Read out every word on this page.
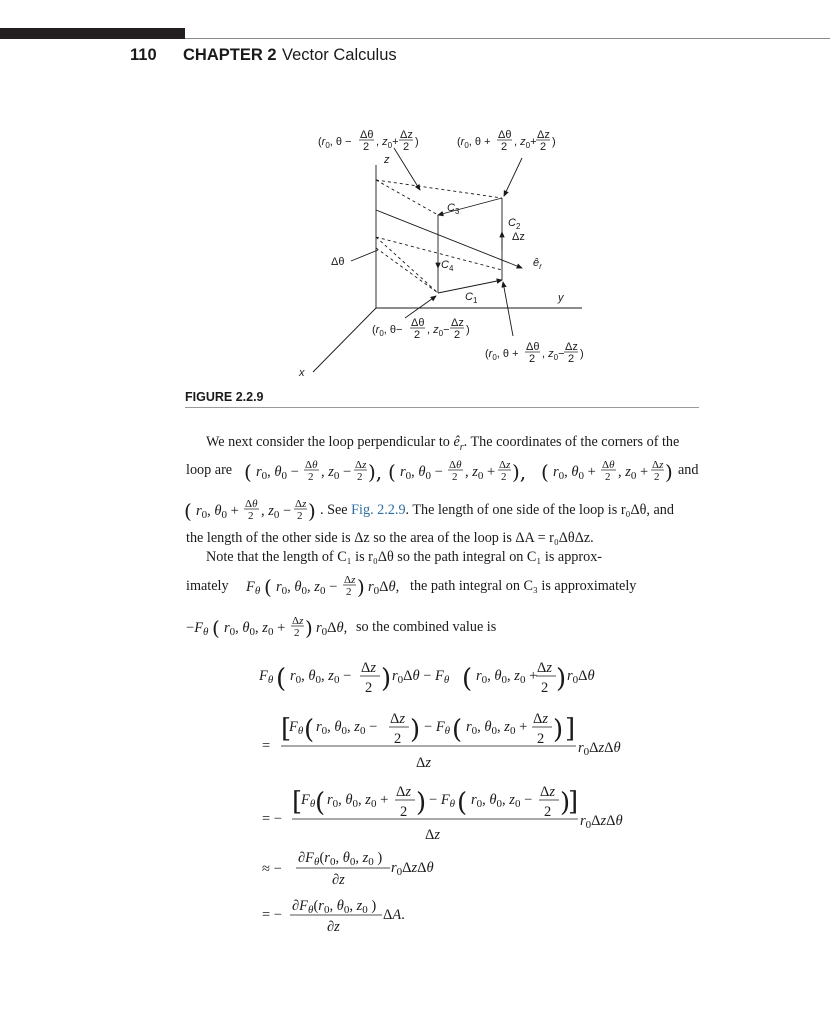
110 CHAPTER 2 Vector Calculus
($r_0$, θ −
Δθ
2 , $z_0+$
Δz
2 )	($r_0$, θ +
Δθ
2 , $z_0+$
Δz
2 )
z
y
x
Δθ
Δz
$C_3$
$C_2$
$C_4$
$C_1$
$ê_r$
($r_0$, θ−
Δθ
2 , $z_0-$
Δz
2 )
($r_0$, θ +
Δθ
2 , $z_0-$
Δz
2 )
FIGURE 2.2.9
We next consider the loop perpendicular to $ê_r$. The coordinates of the corners of the
loop are	and
( $r_0$, $\theta_0 - \Delta\theta$
2 , $z_0 - \Delta z$
2 ), ( $r_0$, $\theta_0 - \Delta\theta$
2 , $z_0 + \Delta z$
2 ), ( $r_0$, $\theta_0 + \Delta\theta$
2 , $z_0 + \Delta z$
2 )
( $r_0$, $\theta_0 + \Delta\theta$
2 , $z_0 - \Delta z$
2 )
$F_\theta$ ( $r_0$, $\theta_0$, $z_0 - \Delta z$
2 ) $r_0\Delta\theta$,
$-F_\theta$ ( $r_0$, $\theta_0$, $z_0 + \Delta z$
2 ) $r_0\Delta\theta$,
$F_\theta$ ( $r_0$, $\theta_0$, $z_0 - \Delta z$
2 ) $r_0\Delta\theta - F_\theta$ ( $r_0$, $\theta_0$, $z_0 + \Delta z$
2 ) $r_0\Delta\theta$
=
[
$F_\theta$ ( $r_0$, $\theta_0$, $z_0 - \Delta z$
2 ) − $F_\theta$ ( $r_0$, $\theta_0$, $z_0 + \Delta z$
2 ) ]
Δz
$r_0\Delta z\Delta\theta$
= −
[
$F_\theta$ ( $r_0$, $\theta_0$, $z_0 + \Delta z$
2 ) − $F_\theta$ ( $r_0$, $\theta_0$, $z_0 - \Delta z$
2 )
]
Δz
$r_0\Delta z\Delta\theta$
≈ −
$\partial F_\theta(r_0$, $\theta_0$, $z_0$ )
∂z
$r_0\Delta z\Delta\theta$
= −
$\partial F_\theta(r_0$, $\theta_0$, $z_0$ )
∂z
ΔA.
. See Fig. 2.2.9. The length of one side of the loop is r₀Δθ, and
the length of the other side is Δz so the area of the loop is ΔA = r₀ΔθΔz.
Note that the length of C₁ is r₀Δθ so the path integral on C₁ is approx-
imately	the path integral on C₃ is approximately
so the combined value is
